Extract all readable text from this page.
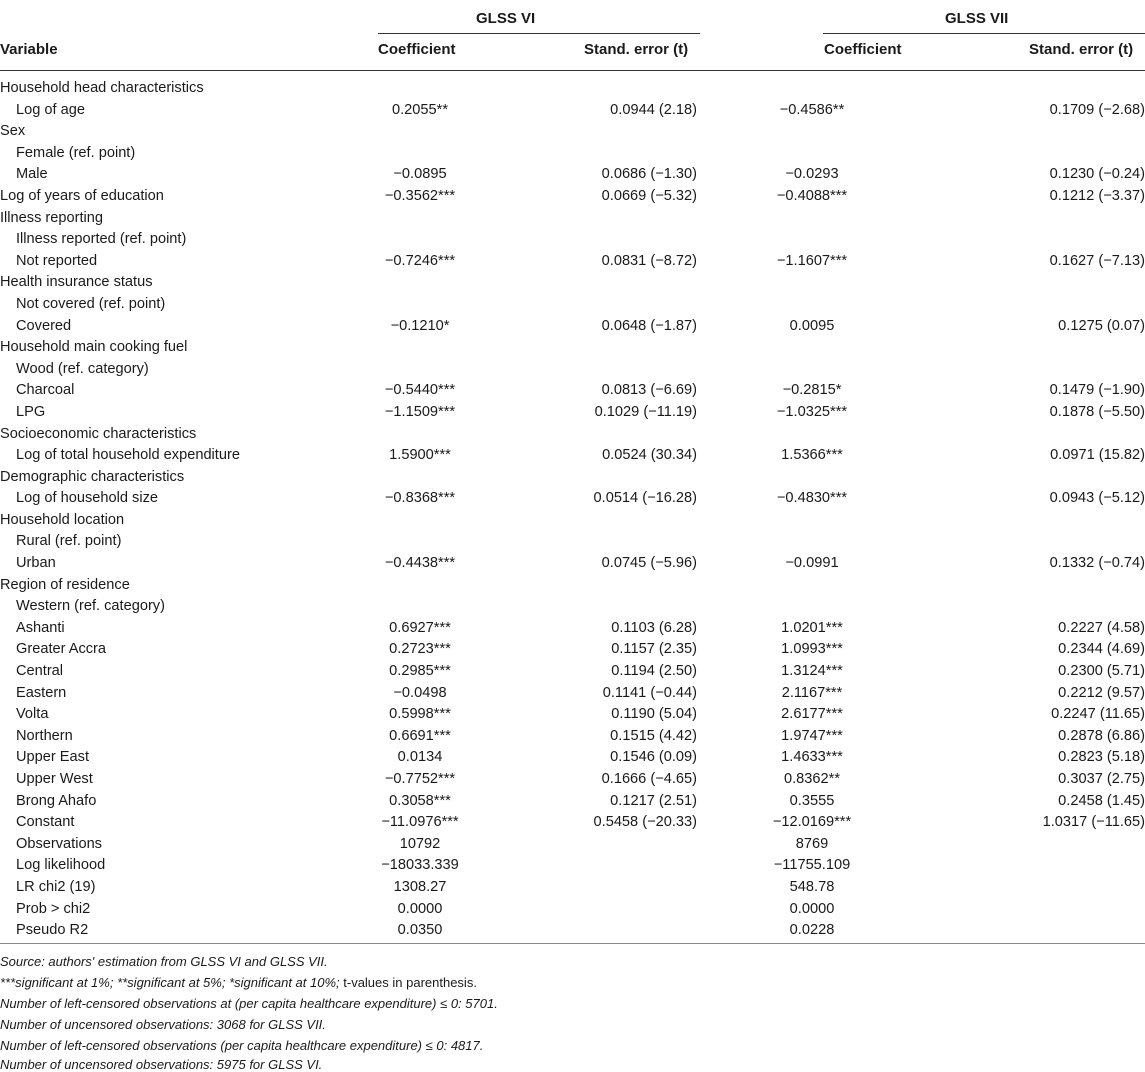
GLSS VI	GLSS VII
Variable	Coefficient	Stand. error (t)	Coefficient	Stand. error (t)
Household head characteristics				
Log of age	0.2055**	0.0944 (2.18)	−0.4586**	0.1709 (−2.68)
Sex				
Female (ref. point)				
Male	−0.0895	0.0686 (−1.30)	−0.0293	0.1230 (−0.24)
Log of years of education	−0.3562***	0.0669 (−5.32)	−0.4088***	0.1212 (−3.37)
Illness reporting				
Illness reported (ref. point)				
Not reported	−0.7246***	0.0831 (−8.72)	−1.1607***	0.1627 (−7.13)
Health insurance status				
Not covered (ref. point)				
Covered	−0.1210*	0.0648 (−1.87)	0.0095	0.1275 (0.07)
Household main cooking fuel				
Wood (ref. category)				
Charcoal	−0.5440***	0.0813 (−6.69)	−0.2815*	0.1479 (−1.90)
LPG	−1.1509***	0.1029 (−11.19)	−1.0325***	0.1878 (−5.50)
Socioeconomic characteristics				
Log of total household expenditure	1.5900***	0.0524 (30.34)	1.5366***	0.0971 (15.82)
Demographic characteristics				
Log of household size	−0.8368***	0.0514 (−16.28)	−0.4830***	0.0943 (−5.12)
Household location				
Rural (ref. point)				
Urban	−0.4438***	0.0745 (−5.96)	−0.0991	0.1332 (−0.74)
Region of residence				
Western (ref. category)				
Ashanti	0.6927***	0.1103 (6.28)	1.0201***	0.2227 (4.58)
Greater Accra	0.2723***	0.1157 (2.35)	1.0993***	0.2344 (4.69)
Central	0.2985***	0.1194 (2.50)	1.3124***	0.2300 (5.71)
Eastern	−0.0498	0.1141 (−0.44)	2.1167***	0.2212 (9.57)
Volta	0.5998***	0.1190 (5.04)	2.6177***	0.2247 (11.65)
Northern	0.6691***	0.1515 (4.42)	1.9747***	0.2878 (6.86)
Upper East	0.0134	0.1546 (0.09)	1.4633***	0.2823 (5.18)
Upper West	−0.7752***	0.1666 (−4.65)	0.8362**	0.3037 (2.75)
Brong Ahafo	0.3058***	0.1217 (2.51)	0.3555	0.2458 (1.45)
Constant	−11.0976***	0.5458 (−20.33)	−12.0169***	1.0317 (−11.65)
Observations	10792		8769	
Log likelihood	−18033.339		−11755.109	
LR chi2 (19)	1308.27		548.78	
Prob > chi2	0.0000		0.0000	
Pseudo R2	0.0350		0.0228	
Source: authors' estimation from GLSS VI and GLSS VII.
***significant at 1%; **significant at 5%; *significant at 10%; t-values in parenthesis.
Number of left-censored observations at (per capita healthcare expenditure) ≤ 0: 5701.
Number of uncensored observations: 3068 for GLSS VII.
Number of left-censored observations (per capita healthcare expenditure) ≤ 0: 4817.
Number of uncensored observations: 5975 for GLSS VI.
